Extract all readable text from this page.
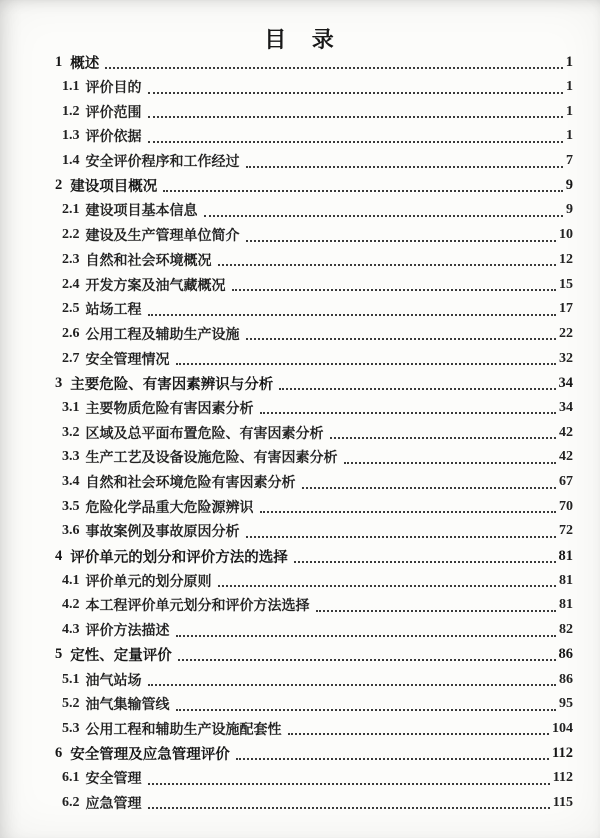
目 录
1 概述	1
1.1 评价目的	1
1.2 评价范围	1
1.3 评价依据	1
1.4 安全评价程序和工作经过	7
2 建设项目概况	9
2.1 建设项目基本信息	9
2.2 建设及生产管理单位简介	10
2.3 自然和社会环境概况	12
2.4 开发方案及油气藏概况	15
2.5 站场工程	17
2.6 公用工程及辅助生产设施	22
2.7 安全管理情况	32
3 主要危险、有害因素辨识与分析	34
3.1 主要物质危险有害因素分析	34
3.2 区域及总平面布置危险、有害因素分析	42
3.3 生产工艺及设备设施危险、有害因素分析	42
3.4 自然和社会环境危险有害因素分析	67
3.5 危险化学品重大危险源辨识	70
3.6 事故案例及事故原因分析	72
4 评价单元的划分和评价方法的选择	81
4.1 评价单元的划分原则	81
4.2 本工程评价单元划分和评价方法选择	81
4.3 评价方法描述	82
5 定性、定量评价	86
5.1 油气站场	86
5.2 油气集输管线	95
5.3 公用工程和辅助生产设施配套性	104
6 安全管理及应急管理评价	112
6.1 安全管理	112
6.2 应急管理	115
